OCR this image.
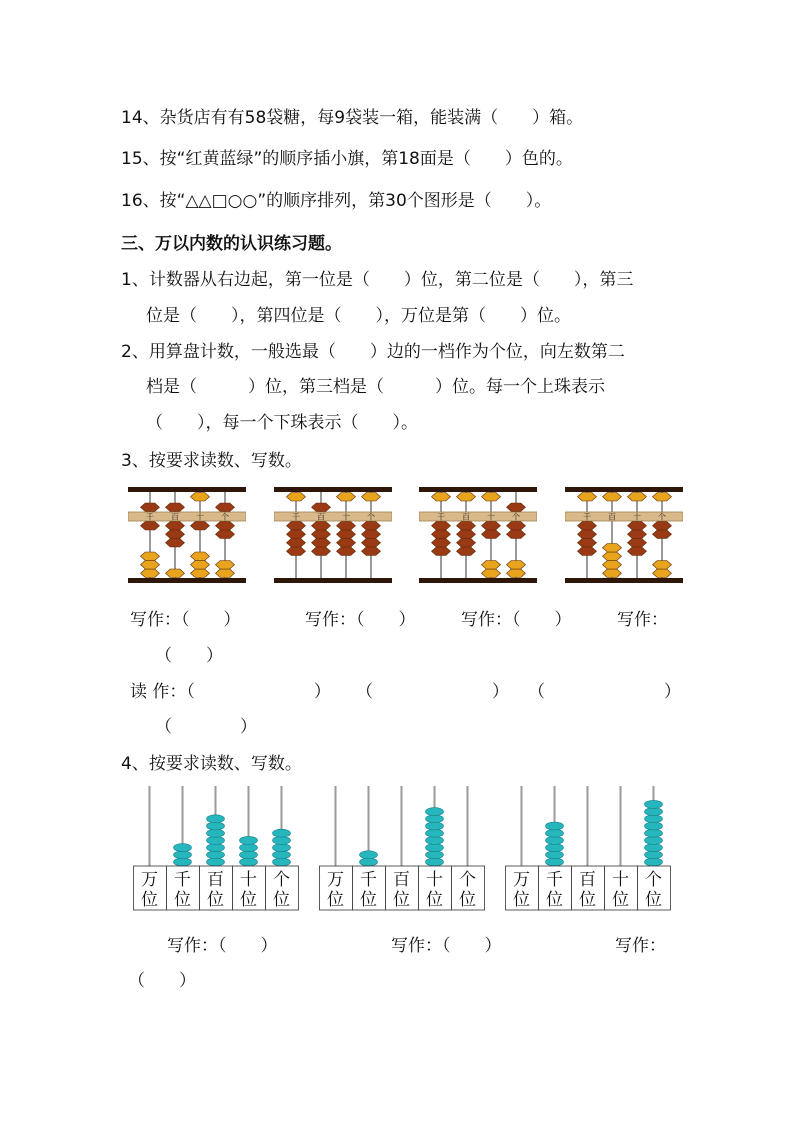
14、杂货店有有58袋糖，每9袋装一箱，能装满（　　）箱。
15、按“红黄蓝绿”的顺序插小旗，第18面是（　　）色的。
16、按“△△□○○”的顺序排列，第30个图形是（　　）。
三、万以内数的认识练习题。
1、计数器从右边起，第一位是（　　）位，第二位是（　　），第三
位是（　　），第四位是（　　），万位是第（　　）位。
2、用算盘计数，一般选最（　　）边的一档作为个位，向左数第二
档是（　　　）位，第三档是（　　　）位。每一个上珠表示
（　　），每一个下珠表示（　　）。
3、按要求读数、写数。
千 百 十 个	千 百 十 个	千 百 十 个	千 百 十 个
写作：（　　）	写作：（　　）	写作：（　　）	写作：
（　　）
读 作：（　　　　　　　） （　　　　　　　） （　　　　　　　）
（　　　　）
4、按要求读数、写数。
万
位
千
位
百
位
十
位
个
位
万
位
千
位
百
位
十
位
个
位
万
位
千
位
百
位
十
位
个
位
写作：（　　）	写作：（　　）	写作：
（　　）
